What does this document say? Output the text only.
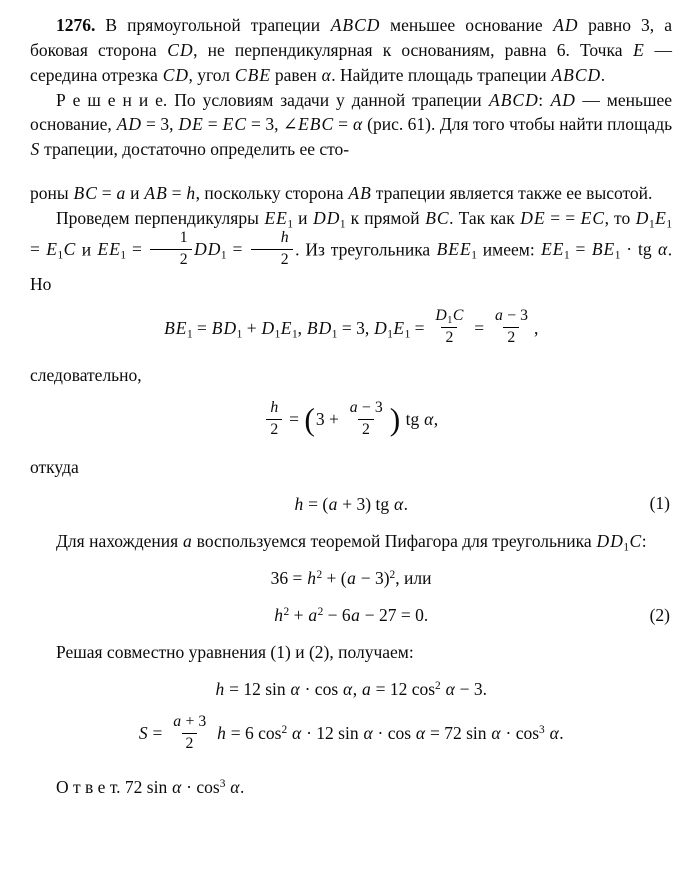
1276. В прямоугольной трапеции ABCD меньшее основание AD равно 3, а боковая сторона CD, не перпендикулярная к основаниям, равна 6. Точка E — середина отрезка CD, угол CBE равен α. Найдите площадь трапеции ABCD.
Р е ш е н и е. По условиям задачи у данной трапеции ABCD: AD — меньшее основание, AD = 3, DE = EC = 3, ∠EBC = α (рис. 61). Для того чтобы найти площадь S трапеции, достаточно определить ее сто-
роны BC = a и AB = h, поскольку сторона AB трапеции является также ее высотой.
Проведем перпендикуляры $EE_1$ и $DD_1$ к прямой BC. Так как DE = = EC, то $D_1E_1 = E_1C$ и $EE_1 = \frac{1}{2} DD_1 = \frac{h}{2}$ . Из треугольника $BEE_1$ имеем: $EE_1 = BE_1$ · tg α. Но
$BE_1 = BD_1 + D_1E_1$, $BD_1 = 3$, $D_1E_1 = \frac{D_1C}{2} = \frac{a - 3}{2}$ ,
следовательно,
$\frac{h}{2} = (3 + \frac{a - 3}{2}$ ) tg α,
откуда
h = (a + 3) tg α.	(1)
Для нахождения a воспользуемся теоремой Пифагора для треугольника $DD_1C$:
$36 = h^2 + (a - 3)^2$, или
$h^2 + a^2 - 6a - 27 = 0$.	(2)
Решая совместно уравнения (1) и (2), получаем:
h = 12 sin α · cos α, a = 12 $\cos^2 \alpha - 3$.
$S = \frac{a + 3}{2}$ h = 6 $\cos^2 \alpha \cdot 12$ sin α · cos α = 72 $\sin \alpha \cdot \cos^3 \alpha$.
О т в е т. 72 $\sin \alpha \cdot \cos^3 \alpha$.
